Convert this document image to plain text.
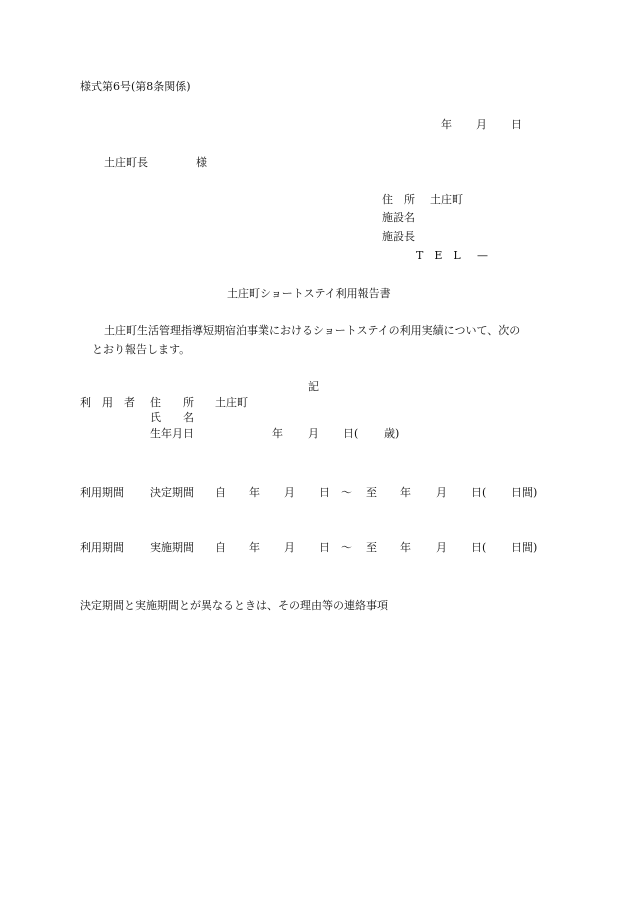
様式第6号(第8条関係)
年 月 日
土庄町長	様
住　所 土庄町
施設名
施設長
T　E　L —
土庄町ショートステイ利用報告書
土庄町生活管理指導短期宿泊事業におけるショートステイの利用実績について、次の
とおり報告します。
記
利　用　者 住　　所 土庄町
氏　　名
生年月日	年 月 日( 歳)
利用期間 決定期間 自 年 月 日 〜 至 年 月 日( 日間)
利用期間 実施期間 自 年 月 日 〜 至 年 月 日( 日間)
決定期間と実施期間とが異なるときは、その理由等の連絡事項
